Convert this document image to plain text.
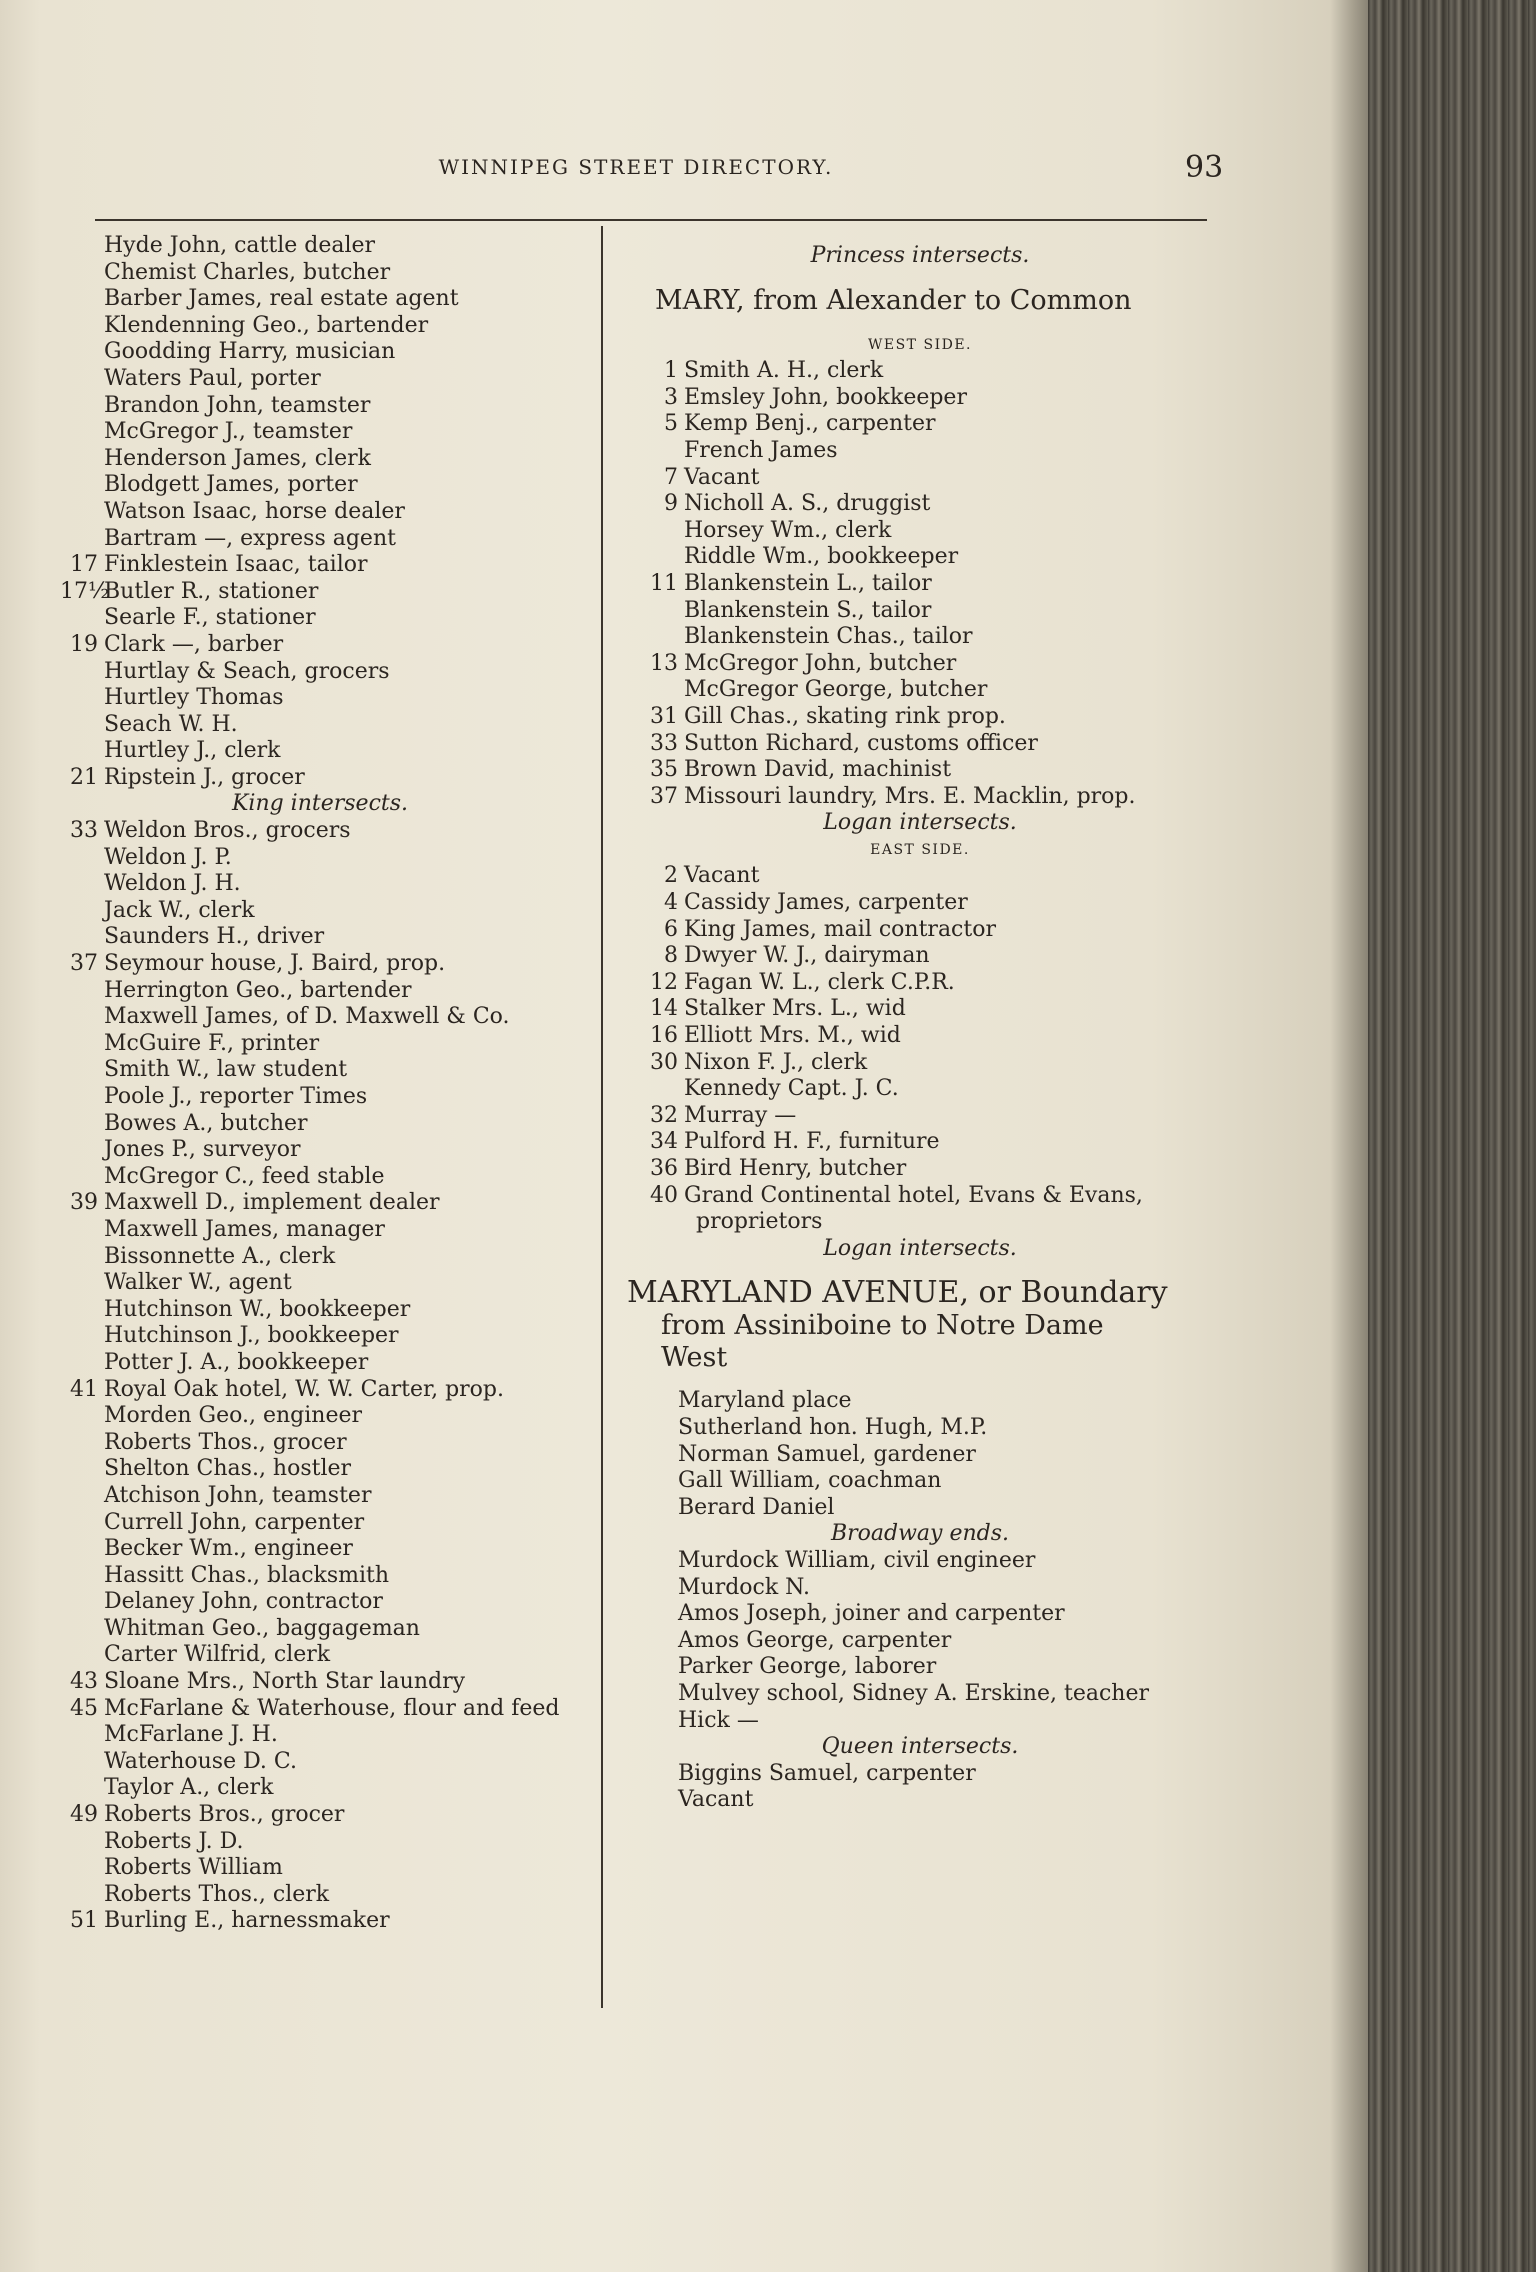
WINNIPEG STREET DIRECTORY.	93
Hyde John, cattle dealer
Chemist Charles, butcher
Barber James, real estate agent
Klendenning Geo., bartender
Goodding Harry, musician
Waters Paul, porter
Brandon John, teamster
McGregor J., teamster
Henderson James, clerk
Blodgett James, porter
Watson Isaac, horse dealer
Bartram —, express agent
17 Finklestein Isaac, tailor
17½Butler R., stationer
Searle F., stationer
19 Clark —, barber
Hurtlay & Seach, grocers
Hurtley Thomas
Seach W. H.
Hurtley J., clerk
21 Ripstein J., grocer
King intersects.
33 Weldon Bros., grocers
Weldon J. P.
Weldon J. H.
Jack W., clerk
Saunders H., driver
37 Seymour house, J. Baird, prop.
Herrington Geo., bartender
Maxwell James, of D. Maxwell & Co.
McGuire F., printer
Smith W., law student
Poole J., reporter Times
Bowes A., butcher
Jones P., surveyor
McGregor C., feed stable
39 Maxwell D., implement dealer
Maxwell James, manager
Bissonnette A., clerk
Walker W., agent
Hutchinson W., bookkeeper
Hutchinson J., bookkeeper
Potter J. A., bookkeeper
41 Royal Oak hotel, W. W. Carter, prop.
Morden Geo., engineer
Roberts Thos., grocer
Shelton Chas., hostler
Atchison John, teamster
Currell John, carpenter
Becker Wm., engineer
Hassitt Chas., blacksmith
Delaney John, contractor
Whitman Geo., baggageman
Carter Wilfrid, clerk
43 Sloane Mrs., North Star laundry
45 McFarlane & Waterhouse, flour and feed
McFarlane J. H.
Waterhouse D. C.
Taylor A., clerk
49 Roberts Bros., grocer
Roberts J. D.
Roberts William
Roberts Thos., clerk
51 Burling E., harnessmaker
Princess intersects.
MARY, from Alexander to Common
WEST SIDE.
1 Smith A. H., clerk
3 Emsley John, bookkeeper
5 Kemp Benj., carpenter
French James
7 Vacant
9 Nicholl A. S., druggist
Horsey Wm., clerk
Riddle Wm., bookkeeper
11 Blankenstein L., tailor
Blankenstein S., tailor
Blankenstein Chas., tailor
13 McGregor John, butcher
McGregor George, butcher
31 Gill Chas., skating rink prop.
33 Sutton Richard, customs officer
35 Brown David, machinist
37 Missouri laundry, Mrs. E. Macklin, prop.
Logan intersects.
EAST SIDE.
2 Vacant
4 Cassidy James, carpenter
6 King James, mail contractor
8 Dwyer W. J., dairyman
12 Fagan W. L., clerk C.P.R.
14 Stalker Mrs. L., wid
16 Elliott Mrs. M., wid
30 Nixon F. J., clerk
Kennedy Capt. J. C.
32 Murray —
34 Pulford H. F., furniture
36 Bird Henry, butcher
40 Grand Continental hotel, Evans & Evans,
proprietors
Logan intersects.
MARYLAND AVENUE, or Boundary
from Assiniboine to Notre Dame
West
Maryland place
Sutherland hon. Hugh, M.P.
Norman Samuel, gardener
Gall William, coachman
Berard Daniel
Broadway ends.
Murdock William, civil engineer
Murdock N.
Amos Joseph, joiner and carpenter
Amos George, carpenter
Parker George, laborer
Mulvey school, Sidney A. Erskine, teacher
Hick —
Queen intersects.
Biggins Samuel, carpenter
Vacant
